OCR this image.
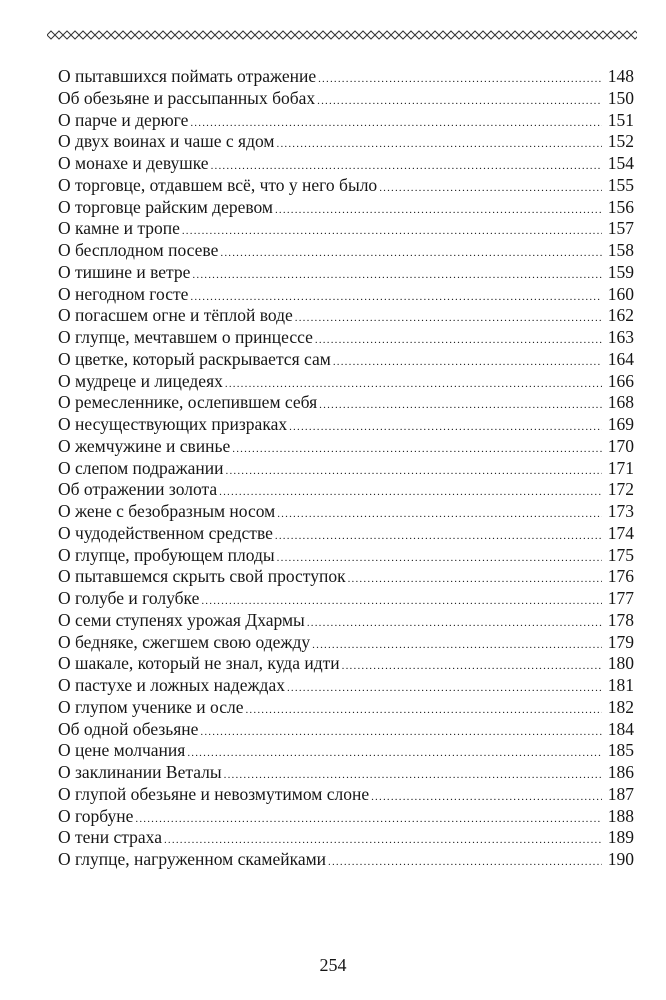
О пытавшихся поймать отражение .....	148
Об обезьяне и рассыпанных бобах .....	150
О парче и дерюге .....	151
О двух воинах и чаше с ядом .....	152
О монахе и девушке .....	154
О торговце, отдавшем всё, что у него было .....	155
О торговце райским деревом .....	156
О камне и тропе .....	157
О бесплодном посеве .....	158
О тишине и ветре .....	159
О негодном госте .....	160
О погасшем огне и тёплой воде .....	162
О глупце, мечтавшем о принцессе .....	163
О цветке, который раскрывается сам .....	164
О мудреце и лицедеях .....	166
О ремесленнике, ослепившем себя .....	168
О несуществующих призраках .....	169
О жемчужине и свинье .....	170
О слепом подражании .....	171
Об отражении золота .....	172
О жене с безобразным носом .....	173
О чудодейственном средстве .....	174
О глупце, пробующем плоды .....	175
О пытавшемся скрыть свой проступок .....	176
О голубе и голубке .....	177
О семи ступенях урожая Дхармы .....	178
О бедняке, сжегшем свою одежду .....	179
О шакале, который не знал, куда идти .....	180
О пастухе и ложных надеждах .....	181
О глупом ученике и осле .....	182
Об одной обезьяне .....	184
О цене молчания .....	185
О заклинании Веталы .....	186
О глупой обезьяне и невозмутимом слоне .....	187
О горбуне .....	188
О тени страха .....	189
О глупце, нагруженном скамейками .....	190
254
